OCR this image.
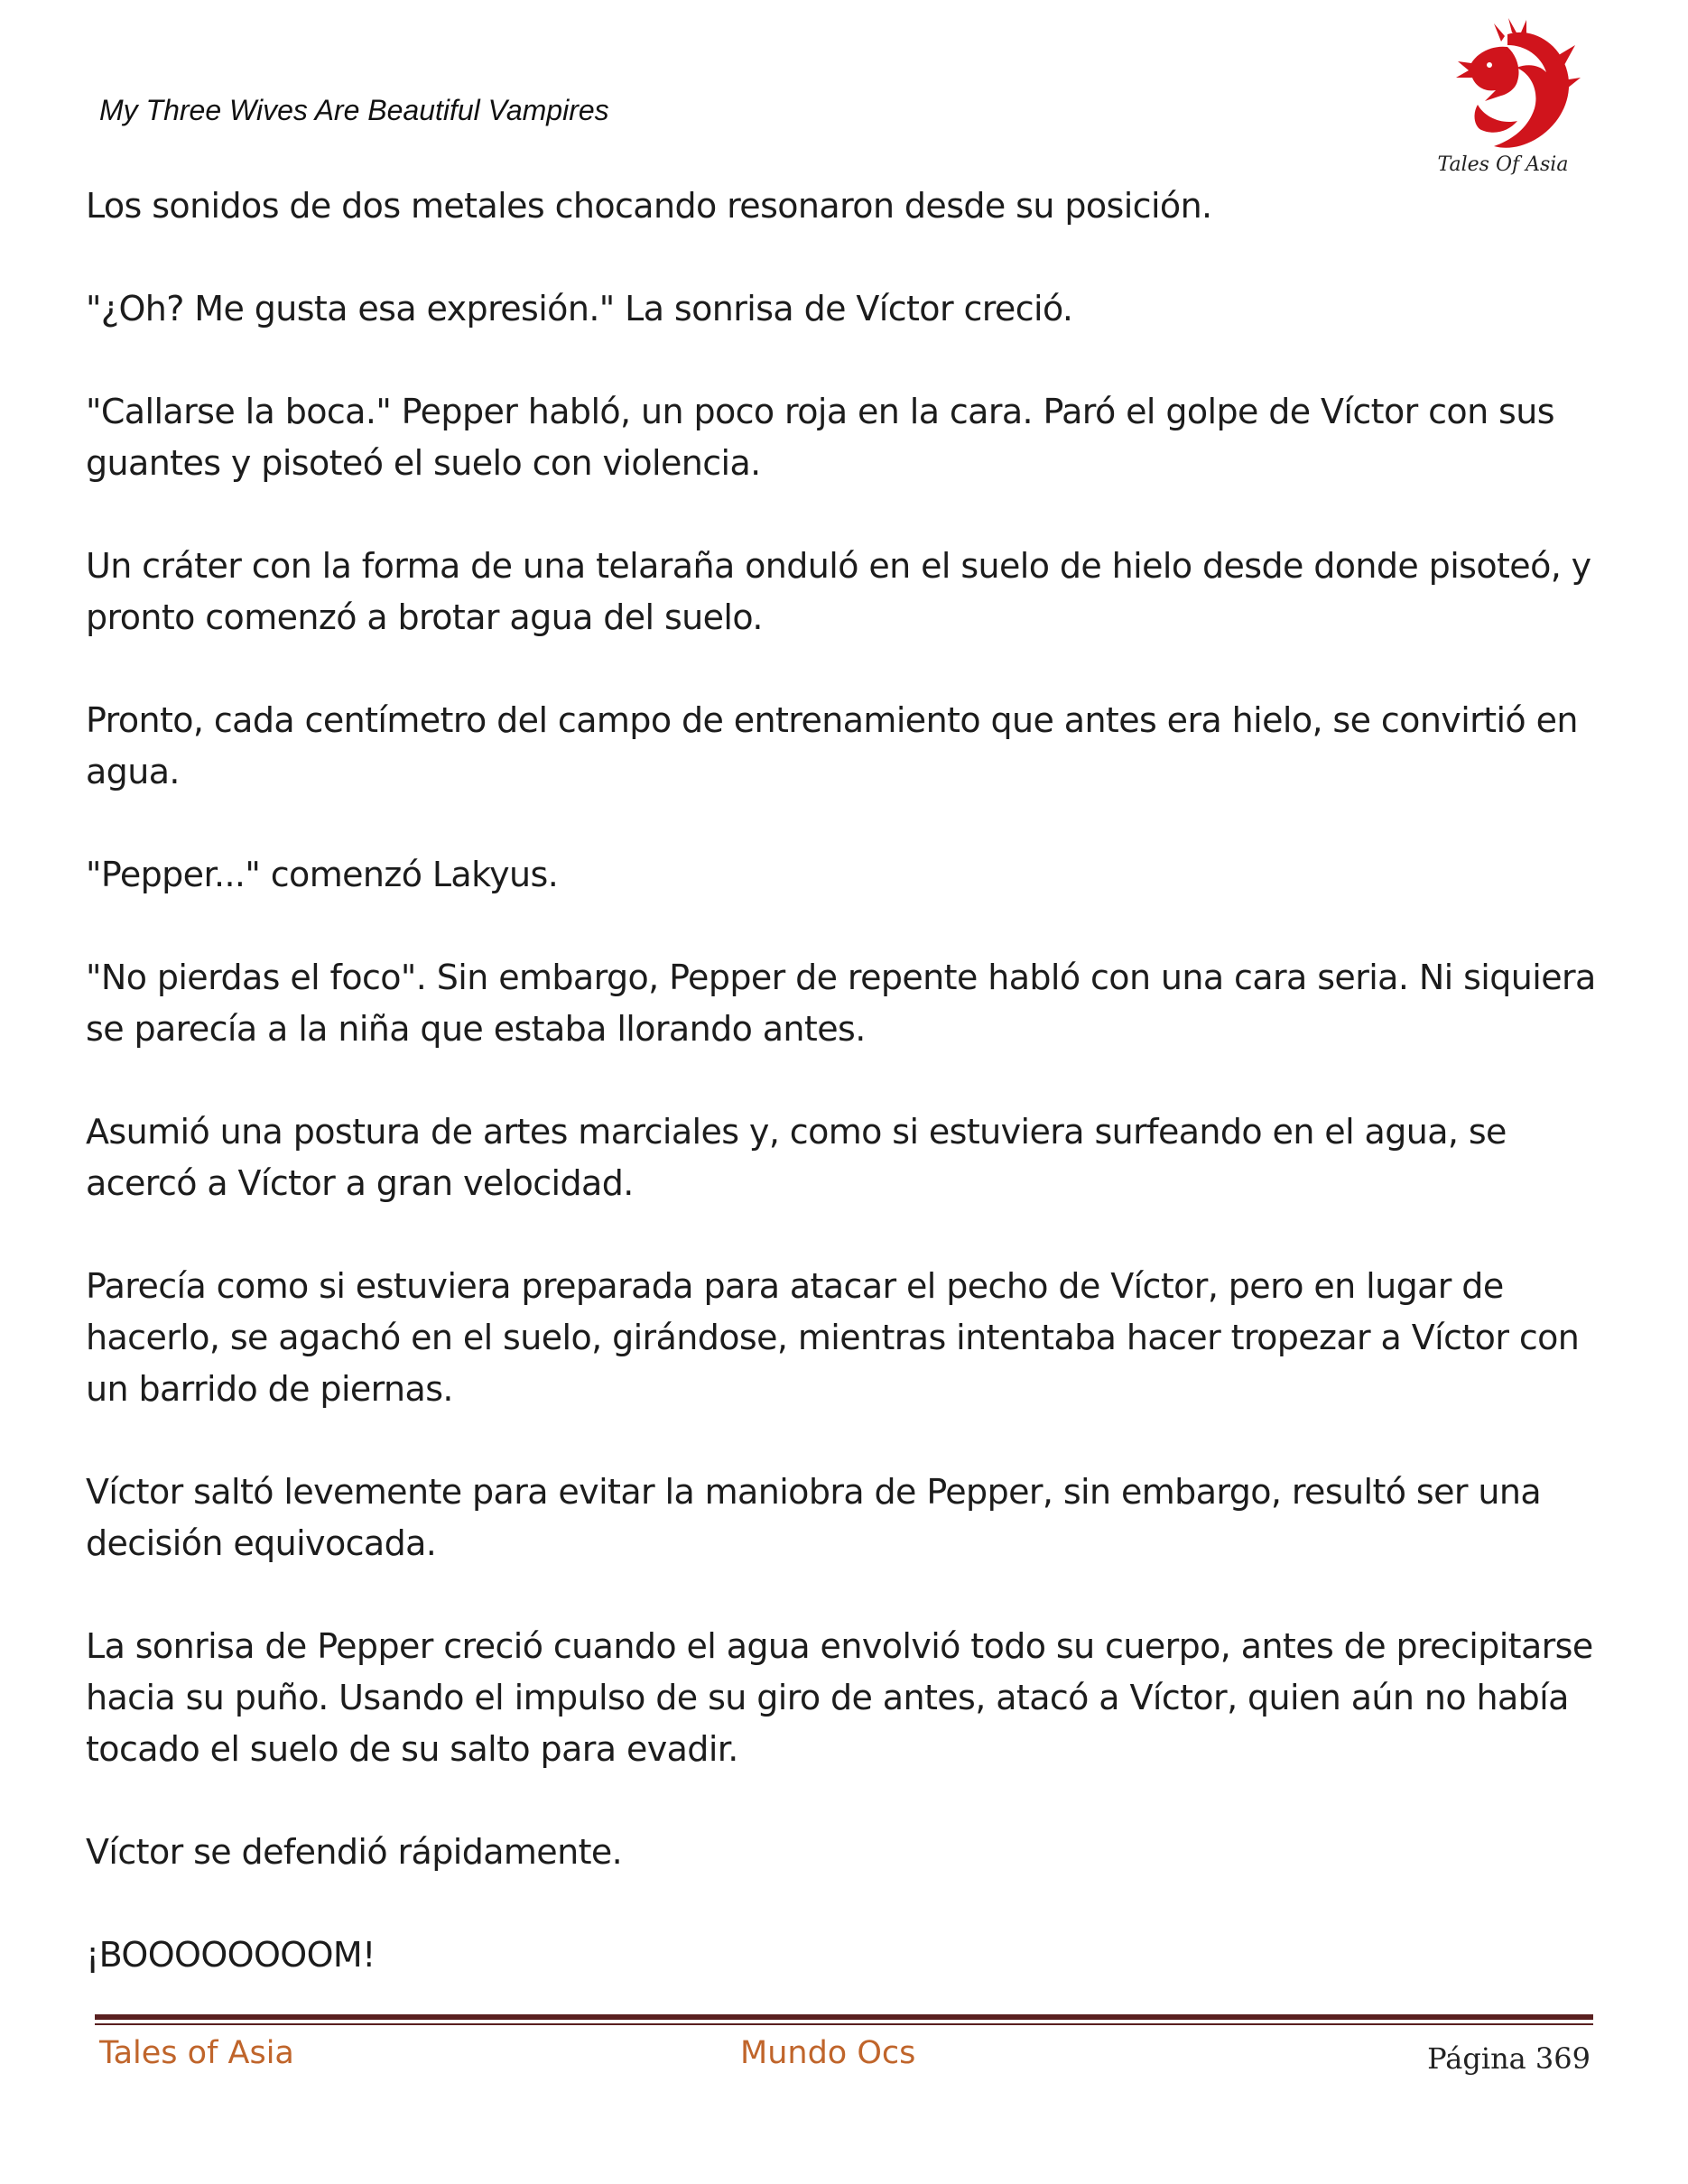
My Three Wives Are Beautiful Vampires
Tales Of Asia

Los sonidos de dos metales chocando resonaron desde su posición.

"¿Oh? Me gusta esa expresión." La sonrisa de Víctor creció.

"Callarse la boca." Pepper habló, un poco roja en la cara. Paró el golpe de Víctor con sus guantes y pisoteó el suelo con violencia.

Un cráter con la forma de una telaraña onduló en el suelo de hielo desde donde pisoteó, y pronto comenzó a brotar agua del suelo.

Pronto, cada centímetro del campo de entrenamiento que antes era hielo, se convirtió en agua.

"Pepper..." comenzó Lakyus.

"No pierdas el foco". Sin embargo, Pepper de repente habló con una cara seria. Ni siquiera se parecía a la niña que estaba llorando antes.

Asumió una postura de artes marciales y, como si estuviera surfeando en el agua, se acercó a Víctor a gran velocidad.

Parecía como si estuviera preparada para atacar el pecho de Víctor, pero en lugar de hacerlo, se agachó en el suelo, girándose, mientras intentaba hacer tropezar a Víctor con un barrido de piernas.

Víctor saltó levemente para evitar la maniobra de Pepper, sin embargo, resultó ser una decisión equivocada.

La sonrisa de Pepper creció cuando el agua envolvió todo su cuerpo, antes de precipitarse hacia su puño. Usando el impulso de su giro de antes, atacó a Víctor, quien aún no había tocado el suelo de su salto para evadir.

Víctor se defendió rápidamente.

¡BOOOOOOOOM!

Tales of Asia	Mundo Ocs	Página 369
